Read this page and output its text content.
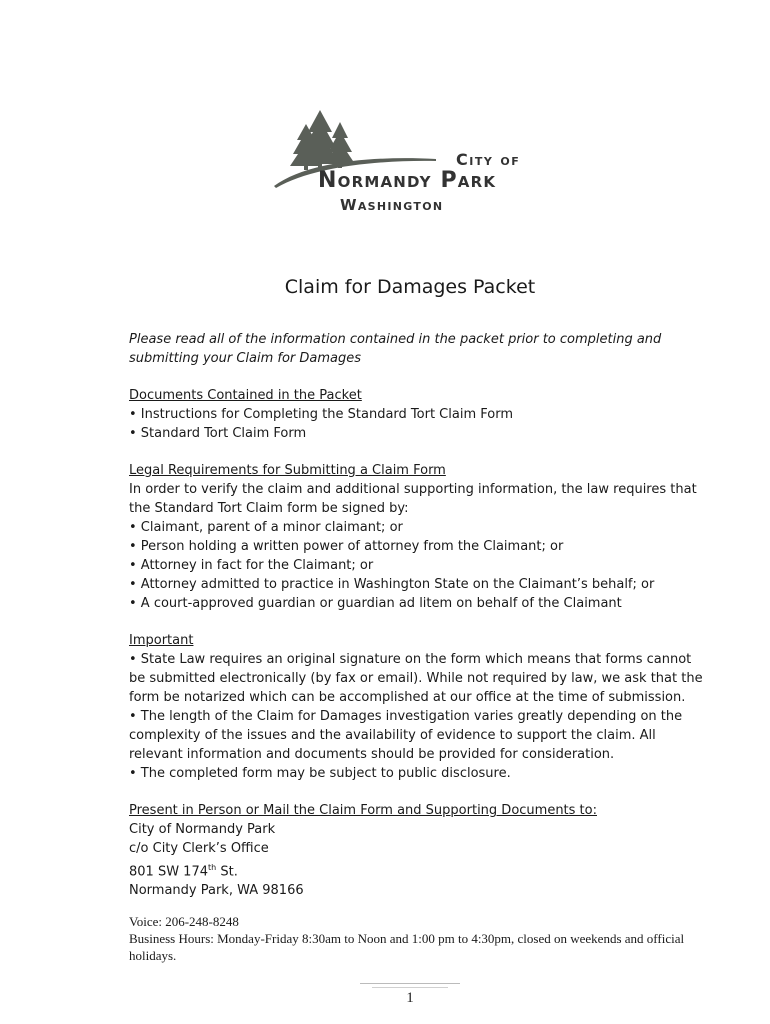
City of
Normandy Park
Washington
Claim for Damages Packet

Please read all of the information contained in the packet prior to completing and submitting your Claim for Damages

Documents Contained in the Packet
• Instructions for Completing the Standard Tort Claim Form
• Standard Tort Claim Form
Legal Requirements for Submitting a Claim Form
In order to verify the claim and additional supporting information, the law requires that the Standard Tort Claim form be signed by:
• Claimant, parent of a minor claimant; or
• Person holding a written power of attorney from the Claimant; or
• Attorney in fact for the Claimant; or
• Attorney admitted to practice in Washington State on the Claimant’s behalf; or
• A court-approved guardian or guardian ad litem on behalf of the Claimant
Important
• State Law requires an original signature on the form which means that forms cannot be submitted electronically (by fax or email). While not required by law, we ask that the form be notarized which can be accomplished at our office at the time of submission.
• The length of the Claim for Damages investigation varies greatly depending on the complexity of the issues and the availability of evidence to support the claim. All relevant information and documents should be provided for consideration.
• The completed form may be subject to public disclosure.
Present in Person or Mail the Claim Form and Supporting Documents to:
City of Normandy Park
c/o City Clerk’s Office
801 SW 174th St.
Normandy Park, WA 98166
Voice: 206-248-8248
Business Hours: Monday-Friday 8:30am to Noon and 1:00 pm to 4:30pm, closed on weekends and official holidays.
1
